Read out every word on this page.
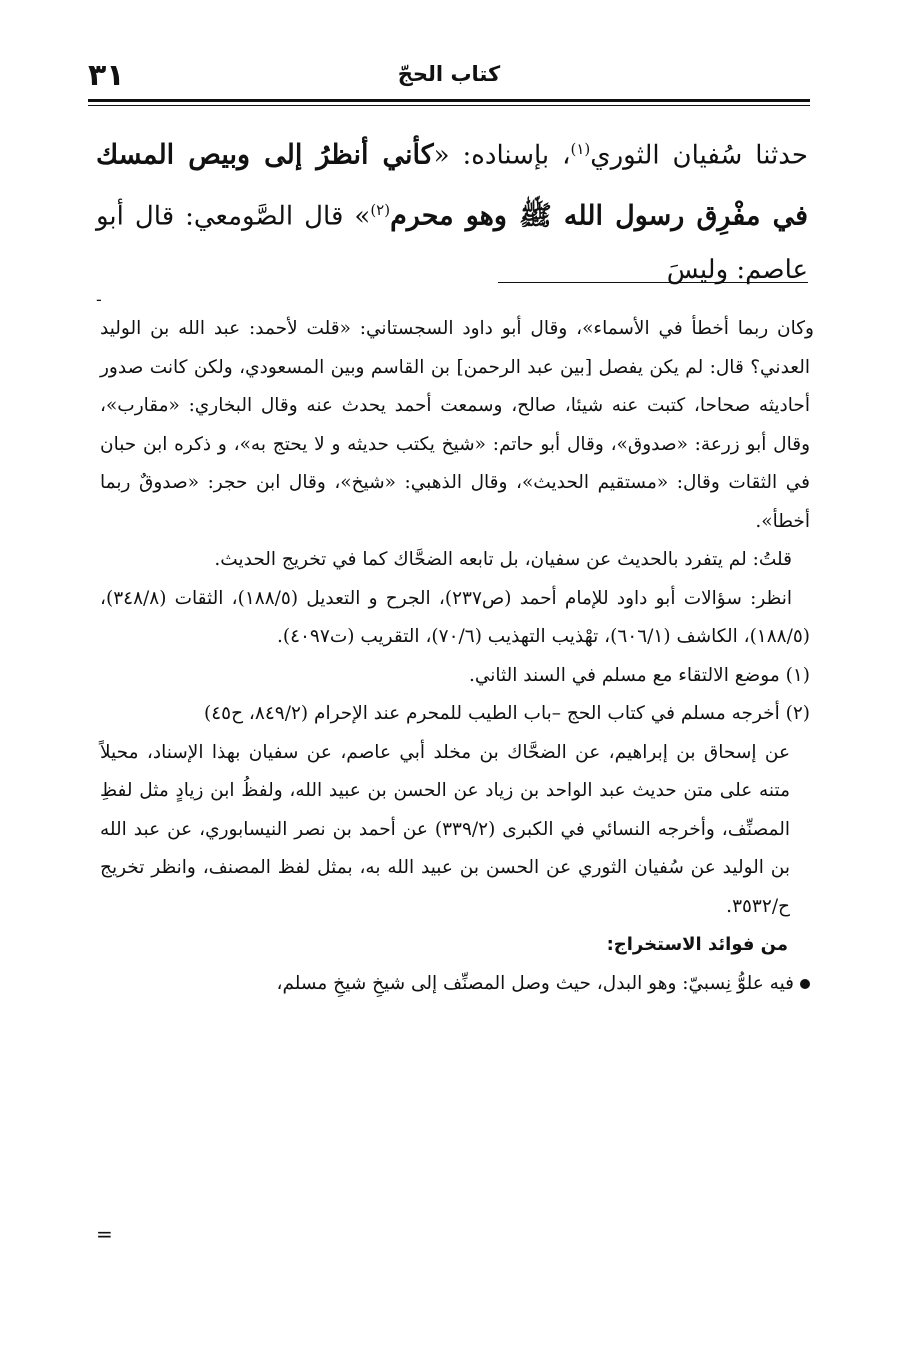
كتاب الحجّ
٣١
حدثنا سُفيان الثوري$^{(١)}$، بإسناده: «كأني أنظرُ إلى وبيص المسك في مفْرِق رسول الله ﷺ وهو محرم$^{(٢)}$» قال الصَّومعي: قال أبو عاصم: وليسَ
-

وكان ربما أخطأ في الأسماء»، وقال أبو داود السجستاني: «قلت لأحمد: عبد الله بن الوليد العدني؟ قال: لم يكن يفصل [بين عبد الرحمن] بن القاسم وبين المسعودي، ولكن كانت صدور أحاديثه صحاحا، كتبت عنه شيئا، صالح، وسمعت أحمد يحدث عنه وقال البخاري: «مقارب»، وقال أبو زرعة: «صدوق»، وقال أبو حاتم: «شيخ يكتب حديثه و لا يحتج به»، و ذكره ابن حبان في الثقات وقال: «مستقيم الحديث»، وقال الذهبي: «شيخ»، وقال ابن حجر: «صدوقٌ ربما أخطأ».

قلتُ: لم يتفرد بالحديث عن سفيان، بل تابعه الضحَّاك كما في تخريج الحديث.

انظر: سؤالات أبو داود للإمام أحمد (ص٢٣٧)، الجرح و التعديل (١٨٨/٥)، الثقات (٣٤٨/٨)، (١٨٨/٥)، الكاشف (٦٠٦/١)، تهْذيب التهذيب (٧٠/٦)، التقريب (ت٤٠٩٧).

(١) موضع الالتقاء مع مسلم في السند الثاني.

(٢) أخرجه مسلم في كتاب الحج –باب الطيب للمحرم عند الإحرام (٨٤٩/٢، ح٤٥)
عن إسحاق بن إبراهيم، عن الضحَّاك بن مخلد أبي عاصم، عن سفيان بهذا الإسناد، محيلاً متنه على متن حديث عبد الواحد بن زياد عن الحسن بن عبيد الله، ولفظُ ابن زيادٍ مثل لفظِ المصنِّف، وأخرجه النسائي في الكبرى (٣٣٩/٢) عن أحمد بن نصر النيسابوري، عن عبد الله بن الوليد عن سُفيان الثوري عن الحسن بن عبيد الله به، بمثل لفظ المصنف، وانظر تخريج ح/٣٥٣٢.

من فوائد الاستخراج:

فيه علوُّ نِسبيّ: وهو البدل، حيث وصل المصنِّف إلى شيخِ شيخِ مسلم،

=
